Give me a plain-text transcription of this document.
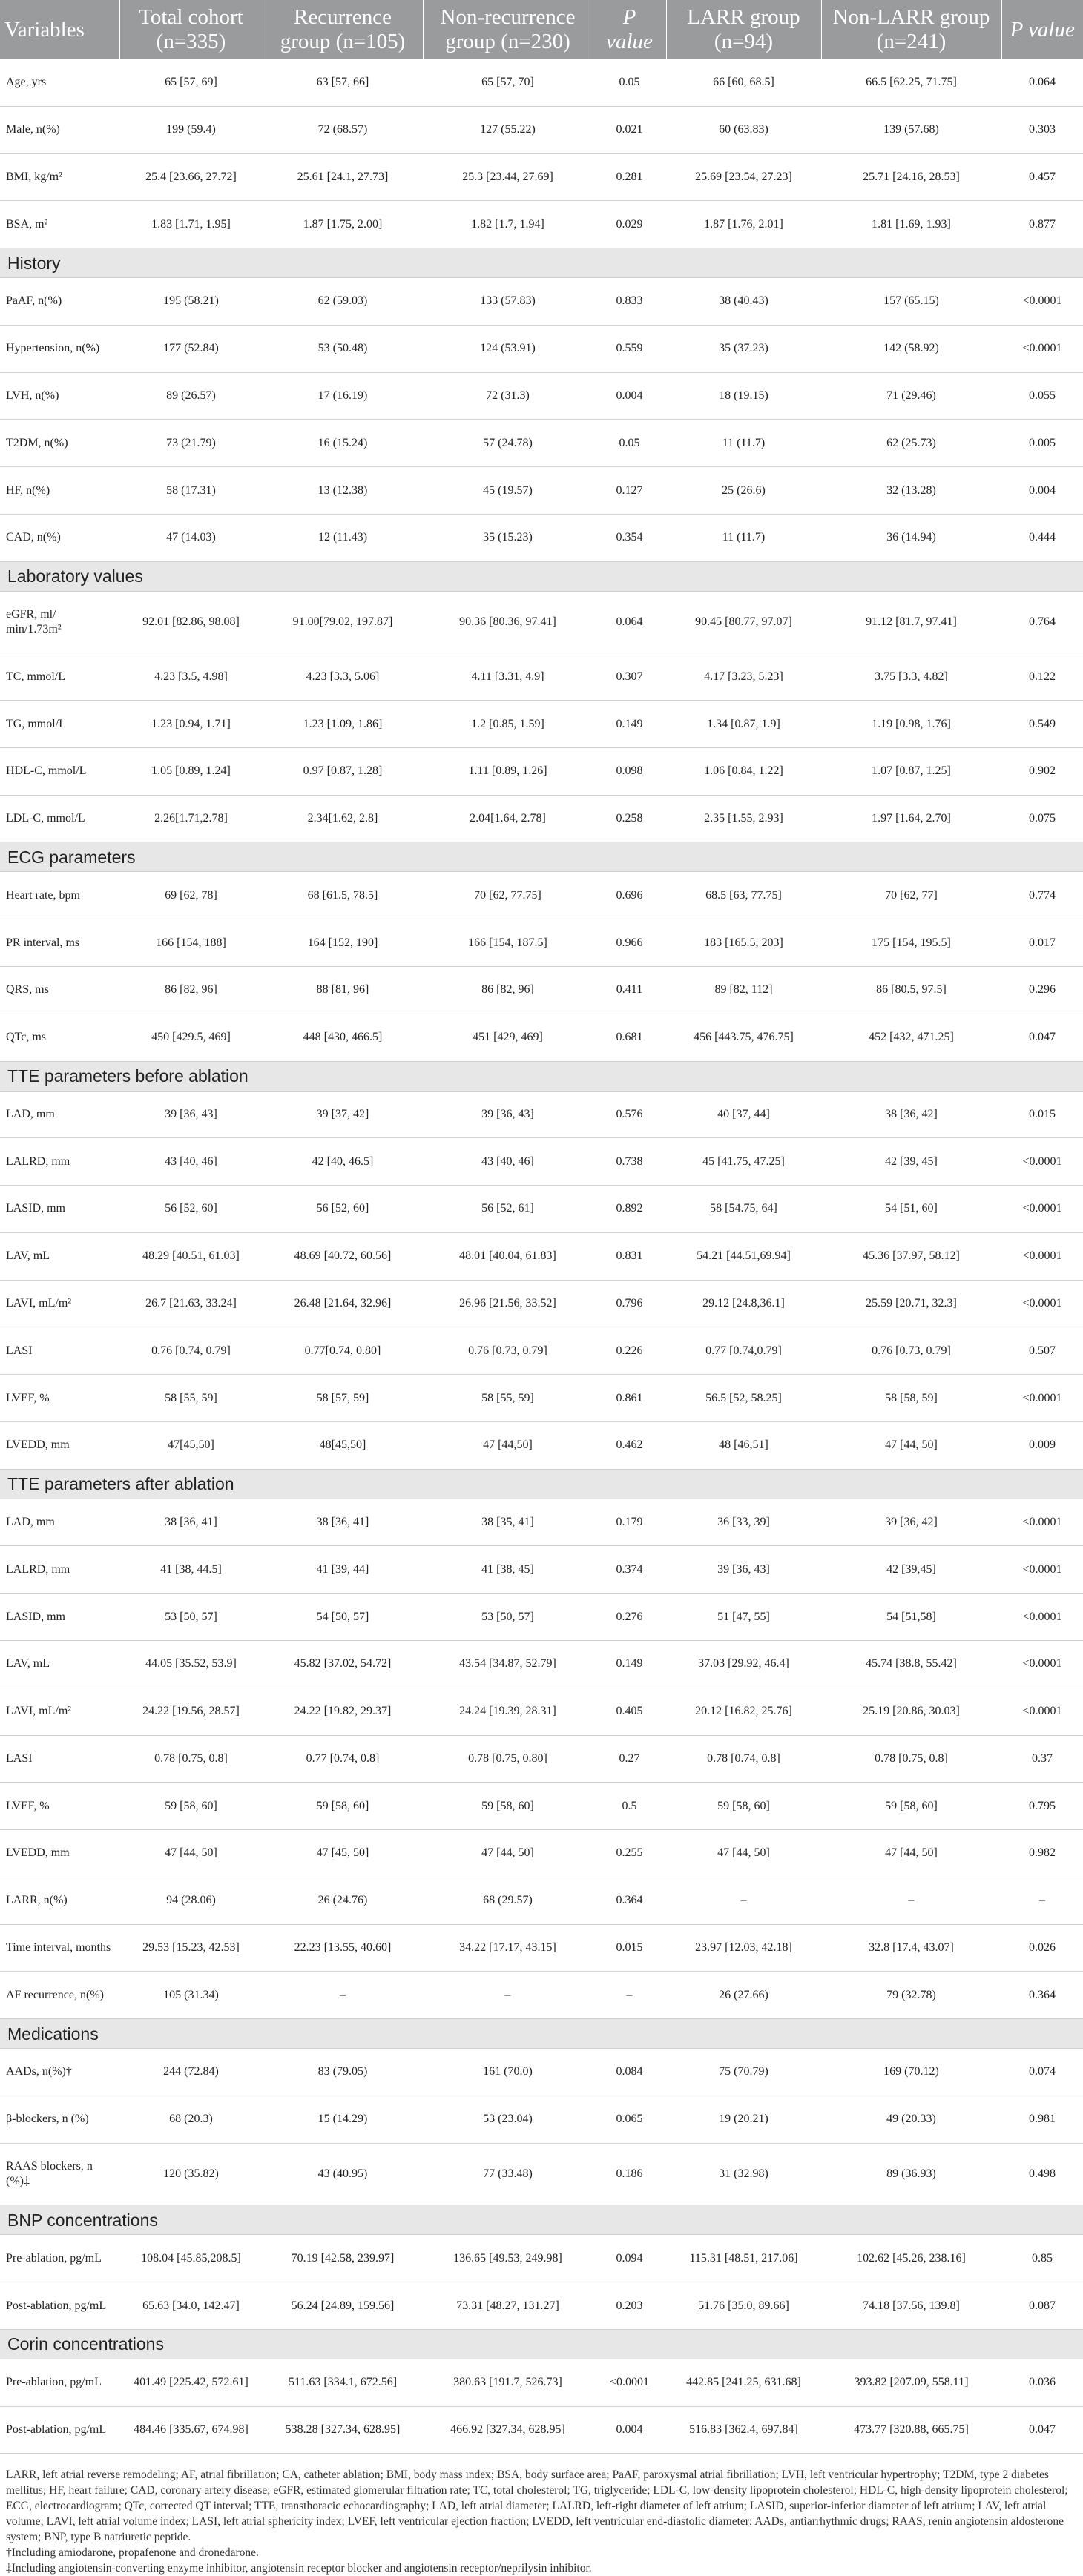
Variables	Total cohort (n=335)	Recurrence group (n=105)	Non-recurrence group (n=230)	P value	LARR group (n=94)	Non-LARR group (n=241)	P value
Age, yrs	65 [57, 69]	63 [57, 66]	65 [57, 70]	0.05	66 [60, 68.5]	66.5 [62.25, 71.75]	0.064
Male, n(%)	199 (59.4)	72 (68.57)	127 (55.22)	0.021	60 (63.83)	139 (57.68)	0.303
BMI, kg/m²	25.4 [23.66, 27.72]	25.61 [24.1, 27.73]	25.3 [23.44, 27.69]	0.281	25.69 [23.54, 27.23]	25.71 [24.16, 28.53]	0.457
BSA, m²	1.83 [1.71, 1.95]	1.87 [1.75, 2.00]	1.82 [1.7, 1.94]	0.029	1.87 [1.76, 2.01]	1.81 [1.69, 1.93]	0.877
History							
PaAF, n(%)	195 (58.21)	62 (59.03)	133 (57.83)	0.833	38 (40.43)	157 (65.15)	<0.0001
Hypertension, n(%)	177 (52.84)	53 (50.48)	124 (53.91)	0.559	35 (37.23)	142 (58.92)	<0.0001
LVH, n(%)	89 (26.57)	17 (16.19)	72 (31.3)	0.004	18 (19.15)	71 (29.46)	0.055
T2DM, n(%)	73 (21.79)	16 (15.24)	57 (24.78)	0.05	11 (11.7)	62 (25.73)	0.005
HF, n(%)	58 (17.31)	13 (12.38)	45 (19.57)	0.127	25 (26.6)	32 (13.28)	0.004
CAD, n(%)	47 (14.03)	12 (11.43)	35 (15.23)	0.354	11 (11.7)	36 (14.94)	0.444
Laboratory values							
eGFR, ml/ min/1.73m²	92.01 [82.86, 98.08]	91.00[79.02, 197.87]	90.36 [80.36, 97.41]	0.064	90.45 [80.77, 97.07]	91.12 [81.7, 97.41]	0.764
TC, mmol/L	4.23 [3.5, 4.98]	4.23 [3.3, 5.06]	4.11 [3.31, 4.9]	0.307	4.17 [3.23, 5.23]	3.75 [3.3, 4.82]	0.122
TG, mmol/L	1.23 [0.94, 1.71]	1.23 [1.09, 1.86]	1.2 [0.85, 1.59]	0.149	1.34 [0.87, 1.9]	1.19 [0.98, 1.76]	0.549
HDL-C, mmol/L	1.05 [0.89, 1.24]	0.97 [0.87, 1.28]	1.11 [0.89, 1.26]	0.098	1.06 [0.84, 1.22]	1.07 [0.87, 1.25]	0.902
LDL-C, mmol/L	2.26[1.71,2.78]	2.34[1.62, 2.8]	2.04[1.64, 2.78]	0.258	2.35 [1.55, 2.93]	1.97 [1.64, 2.70]	0.075
ECG parameters							
Heart rate, bpm	69 [62, 78]	68 [61.5, 78.5]	70 [62, 77.75]	0.696	68.5 [63, 77.75]	70 [62, 77]	0.774
PR interval, ms	166 [154, 188]	164 [152, 190]	166 [154, 187.5]	0.966	183 [165.5, 203]	175 [154, 195.5]	0.017
QRS, ms	86 [82, 96]	88 [81, 96]	86 [82, 96]	0.411	89 [82, 112]	86 [80.5, 97.5]	0.296
QTc, ms	450 [429.5, 469]	448 [430, 466.5]	451 [429, 469]	0.681	456 [443.75, 476.75]	452 [432, 471.25]	0.047
TTE parameters before ablation							
LAD, mm	39 [36, 43]	39 [37, 42]	39 [36, 43]	0.576	40 [37, 44]	38 [36, 42]	0.015
LALRD, mm	43 [40, 46]	42 [40, 46.5]	43 [40, 46]	0.738	45 [41.75, 47.25]	42 [39, 45]	<0.0001
LASID, mm	56 [52, 60]	56 [52, 60]	56 [52, 61]	0.892	58 [54.75, 64]	54 [51, 60]	<0.0001
LAV, mL	48.29 [40.51, 61.03]	48.69 [40.72, 60.56]	48.01 [40.04, 61.83]	0.831	54.21 [44.51,69.94]	45.36 [37.97, 58.12]	<0.0001
LAVI, mL/m²	26.7 [21.63, 33.24]	26.48 [21.64, 32.96]	26.96 [21.56, 33.52]	0.796	29.12 [24.8,36.1]	25.59 [20.71, 32.3]	<0.0001
LASI	0.76 [0.74, 0.79]	0.77[0.74, 0.80]	0.76 [0.73, 0.79]	0.226	0.77 [0.74,0.79]	0.76 [0.73, 0.79]	0.507
LVEF, %	58 [55, 59]	58 [57, 59]	58 [55, 59]	0.861	56.5 [52, 58.25]	58 [58, 59]	<0.0001
LVEDD, mm	47[45,50]	48[45,50]	47 [44,50]	0.462	48 [46,51]	47 [44, 50]	0.009
TTE parameters after ablation							
LAD, mm	38 [36, 41]	38 [36, 41]	38 [35, 41]	0.179	36 [33, 39]	39 [36, 42]	<0.0001
LALRD, mm	41 [38, 44.5]	41 [39, 44]	41 [38, 45]	0.374	39 [36, 43]	42 [39,45]	<0.0001
LASID, mm	53 [50, 57]	54 [50, 57]	53 [50, 57]	0.276	51 [47, 55]	54 [51,58]	<0.0001
LAV, mL	44.05 [35.52, 53.9]	45.82 [37.02, 54.72]	43.54 [34.87, 52.79]	0.149	37.03 [29.92, 46.4]	45.74 [38.8, 55.42]	<0.0001
LAVI, mL/m²	24.22 [19.56, 28.57]	24.22 [19.82, 29.37]	24.24 [19.39, 28.31]	0.405	20.12 [16.82, 25.76]	25.19 [20.86, 30.03]	<0.0001
LASI	0.78 [0.75, 0.8]	0.77 [0.74, 0.8]	0.78 [0.75, 0.80]	0.27	0.78 [0.74, 0.8]	0.78 [0.75, 0.8]	0.37
LVEF, %	59 [58, 60]	59 [58, 60]	59 [58, 60]	0.5	59 [58, 60]	59 [58, 60]	0.795
LVEDD, mm	47 [44, 50]	47 [45, 50]	47 [44, 50]	0.255	47 [44, 50]	47 [44, 50]	0.982
LARR, n(%)	94 (28.06)	26 (24.76)	68 (29.57)	0.364	–	–	–
Time interval, months	29.53 [15.23, 42.53]	22.23 [13.55, 40.60]	34.22 [17.17, 43.15]	0.015	23.97 [12.03, 42.18]	32.8 [17.4, 43.07]	0.026
AF recurrence, n(%)	105 (31.34)	–	–	–	26 (27.66)	79 (32.78)	0.364
Medications							
AADs, n(%)†	244 (72.84)	83 (79.05)	161 (70.0)	0.084	75 (70.79)	169 (70.12)	0.074
β-blockers, n (%)	68 (20.3)	15 (14.29)	53 (23.04)	0.065	19 (20.21)	49 (20.33)	0.981
RAAS blockers, n (%)‡	120 (35.82)	43 (40.95)	77 (33.48)	0.186	31 (32.98)	89 (36.93)	0.498
BNP concentrations							
Pre-ablation, pg/mL	108.04 [45.85,208.5]	70.19 [42.58, 239.97]	136.65 [49.53, 249.98]	0.094	115.31 [48.51, 217.06]	102.62 [45.26, 238.16]	0.85
Post-ablation, pg/mL	65.63 [34.0, 142.47]	56.24 [24.89, 159.56]	73.31 [48.27, 131.27]	0.203	51.76 [35.0, 89.66]	74.18 [37.56, 139.8]	0.087
Corin concentrations							
Pre-ablation, pg/mL	401.49 [225.42, 572.61]	511.63 [334.1, 672.56]	380.63 [191.7, 526.73]	<0.0001	442.85 [241.25, 631.68]	393.82 [207.09, 558.11]	0.036
Post-ablation, pg/mL	484.46 [335.67, 674.98]	538.28 [327.34, 628.95]	466.92 [327.34, 628.95]	0.004	516.83 [362.4, 697.84]	473.77 [320.88, 665.75]	0.047

LARR, left atrial reverse remodeling; AF, atrial fibrillation; CA, catheter ablation; BMI, body mass index; BSA, body surface area; PaAF, paroxysmal atrial fibrillation; LVH, left ventricular hypertrophy; T2DM, type 2 diabetes mellitus; HF, heart failure; CAD, coronary artery disease; eGFR, estimated glomerular filtration rate; TC, total cholesterol; TG, triglyceride; LDL-C, low-density lipoprotein cholesterol; HDL-C, high-density lipoprotein cholesterol; ECG, electrocardiogram; QTc, corrected QT interval; TTE, transthoracic echocardiography; LAD, left atrial diameter; LALRD, left-right diameter of left atrium; LASID, superior-inferior diameter of left atrium; LAV, left atrial volume; LAVI, left atrial volume index; LASI, left atrial sphericity index; LVEF, left ventricular ejection fraction; LVEDD, left ventricular end-diastolic diameter; AADs, antiarrhythmic drugs; RAAS, renin angiotensin aldosterone system; BNP, type B natriuretic peptide.

†Including amiodarone, propafenone and dronedarone.

‡Including angiotensin-converting enzyme inhibitor, angiotensin receptor blocker and angiotensin receptor/neprilysin inhibitor.
